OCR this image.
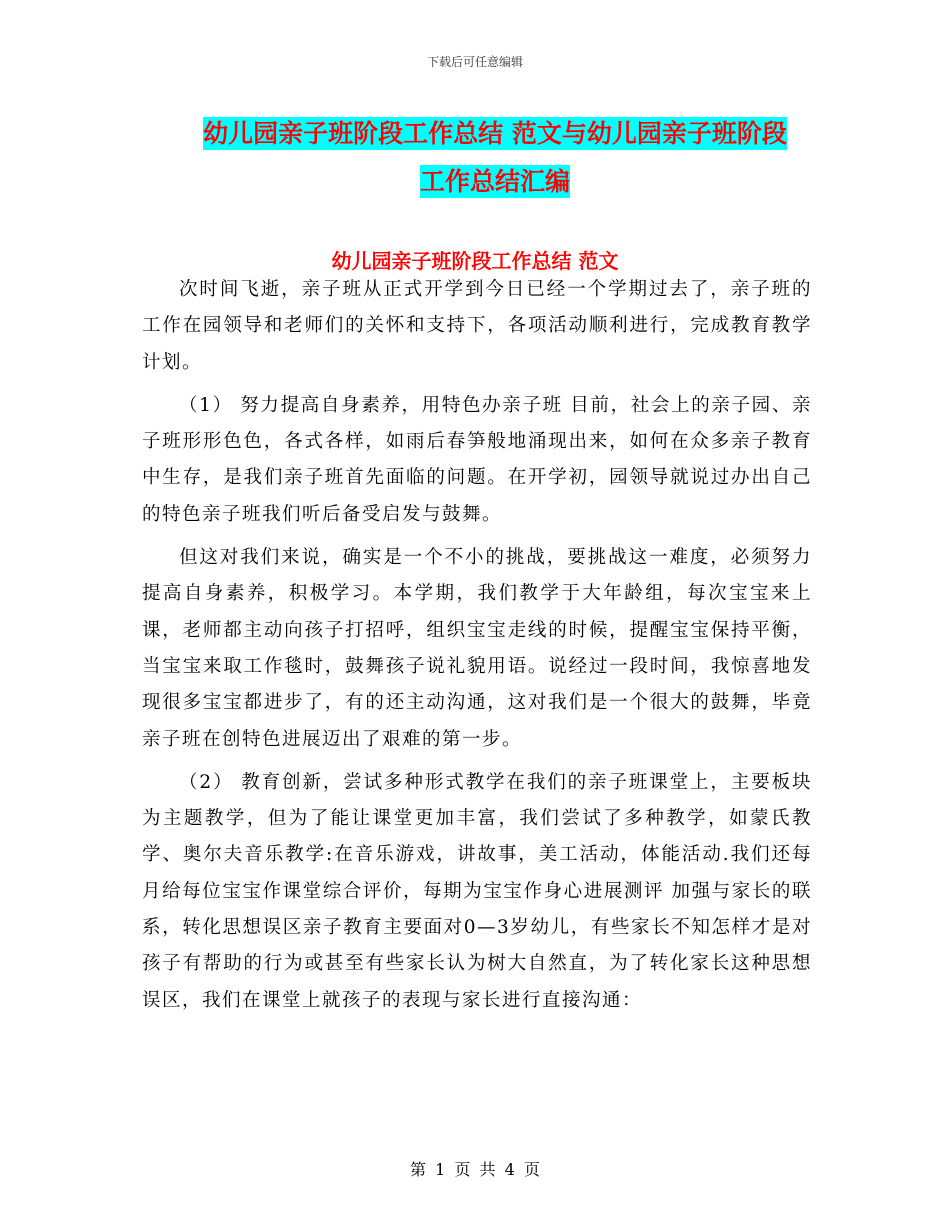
下载后可任意编辑
幼儿园亲子班阶段工作总结 范文与幼儿园亲子班阶段
工作总结汇编
幼儿园亲子班阶段工作总结 范文

次时间飞逝，亲子班从正式开学到今日已经一个学期过去了，亲子班的工作在园领导和老师们的关怀和支持下，各项活动顺利进行，完成教育教学计划。

（1） 努力提高自身素养，用特色办亲子班 目前，社会上的亲子园、亲子班形形色色，各式各样，如雨后春笋般地涌现出来，如何在众多亲子教育中生存，是我们亲子班首先面临的问题。在开学初，园领导就说过办出自己的特色亲子班我们听后备受启发与鼓舞。

但这对我们来说，确实是一个不小的挑战，要挑战这一难度，必须努力提高自身素养，积极学习。本学期，我们教学于大年龄组，每次宝宝来上课，老师都主动向孩子打招呼，组织宝宝走线的时候，提醒宝宝保持平衡，当宝宝来取工作毯时，鼓舞孩子说礼貌用语。说经过一段时间，我惊喜地发现很多宝宝都进步了，有的还主动沟通，这对我们是一个很大的鼓舞，毕竟亲子班在创特色进展迈出了艰难的第一步。

（2） 教育创新，尝试多种形式教学在我们的亲子班课堂上，主要板块为主题教学，但为了能让课堂更加丰富，我们尝试了多种教学，如蒙氏教学、奥尔夫音乐教学:在音乐游戏，讲故事，美工活动，体能活动.我们还每月给每位宝宝作课堂综合评价，每期为宝宝作身心进展测评 加强与家长的联系，转化思想误区亲子教育主要面对0—3岁幼儿，有些家长不知怎样才是对孩子有帮助的行为或甚至有些家长认为树大自然直，为了转化家长这种思想误区，我们在课堂上就孩子的表现与家长进行直接沟通：

第 1 页 共 4 页
